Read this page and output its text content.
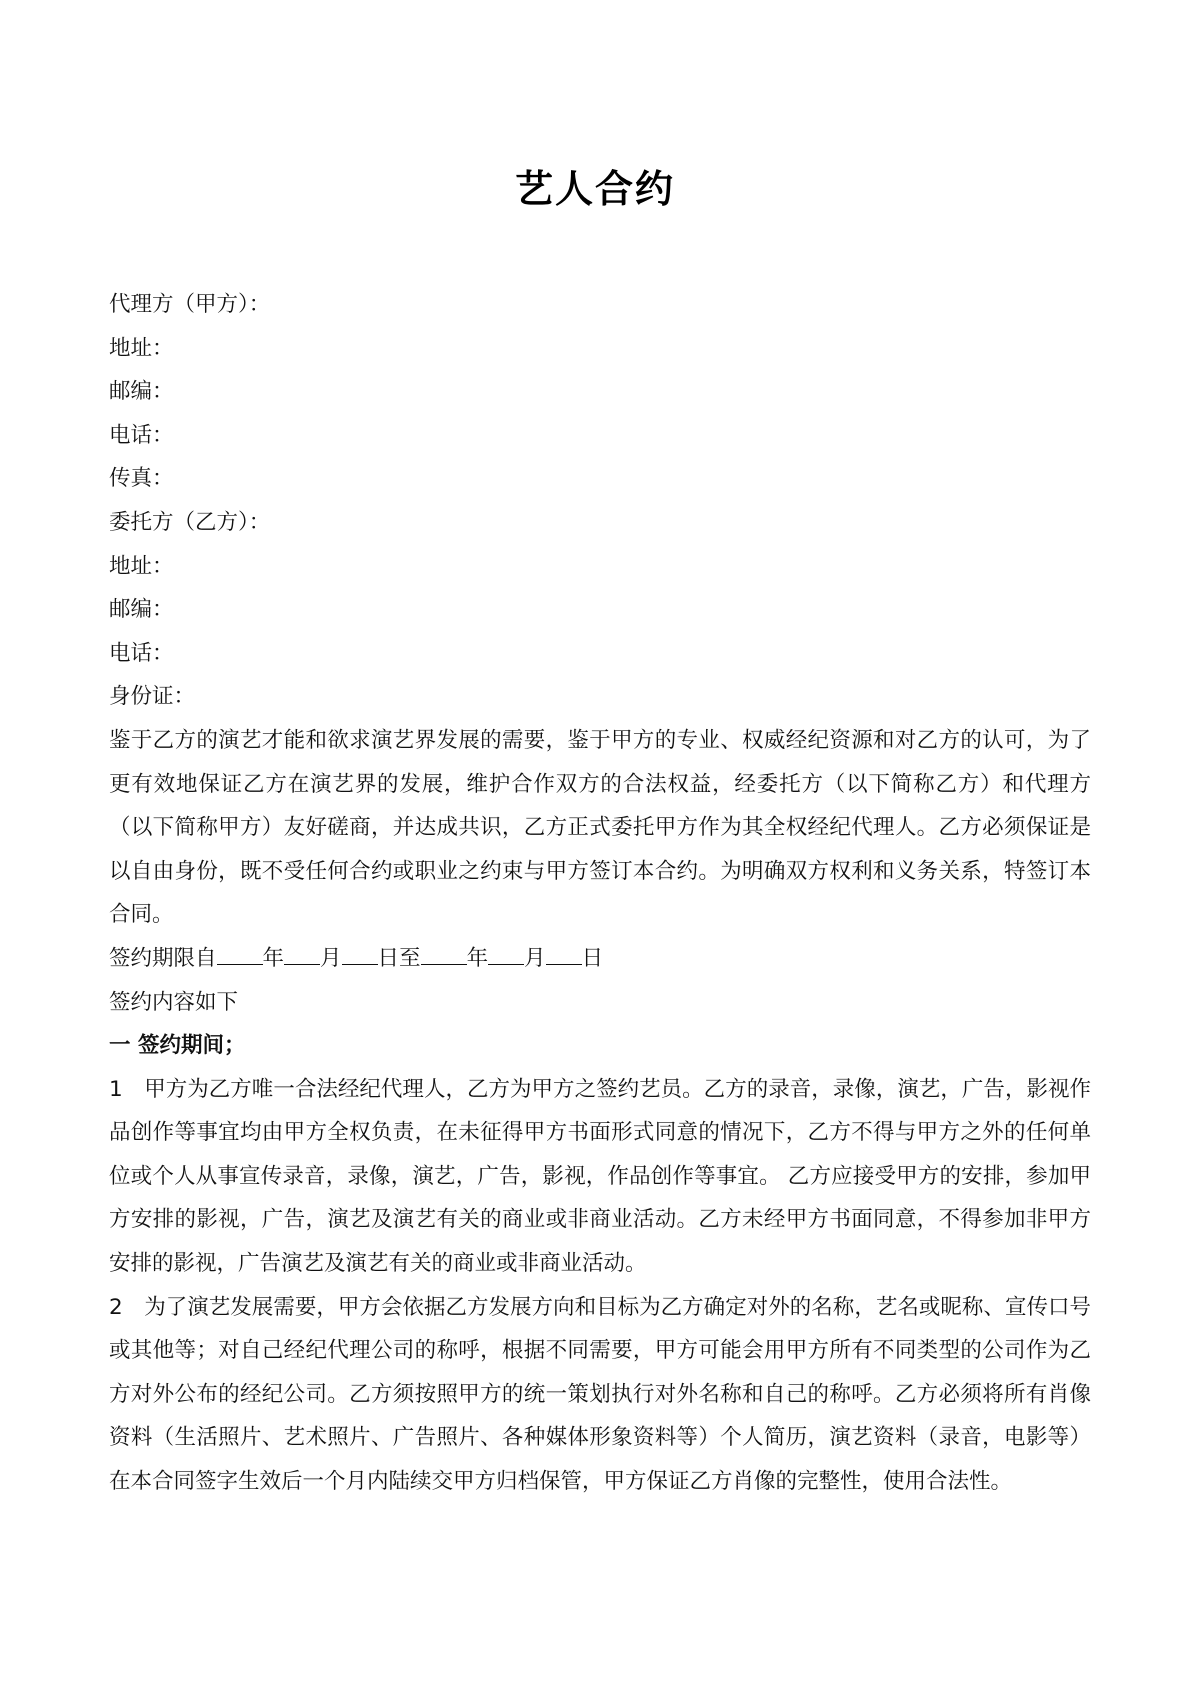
艺人合约
代理方（甲方）：
地址：
邮编：
电话：
传真：
委托方（乙方）：
地址：
邮编：
电话：
身份证：
鉴于乙方的演艺才能和欲求演艺界发展的需要，鉴于甲方的专业、权威经纪资源和对乙方的认可，为了更有效地保证乙方在演艺界的发展，维护合作双方的合法权益，经委托方（以下简称乙方）和代理方（以下简称甲方）友好磋商，并达成共识，乙方正式委托甲方作为其全权经纪代理人。乙方必须保证是以自由身份，既不受任何合约或职业之约束与甲方签订本合约。为明确双方权利和义务关系，特签订本合同。
签约期限自 年 月 日至 年 月 日
签约内容如下
一 签约期间；
1　甲方为乙方唯一合法经纪代理人，乙方为甲方之签约艺员。乙方的录音，录像，演艺，广告，影视作品创作等事宜均由甲方全权负责，在未征得甲方书面形式同意的情况下，乙方不得与甲方之外的任何单位或个人从事宣传录音，录像，演艺，广告，影视，作品创作等事宜。 乙方应接受甲方的安排，参加甲方安排的影视，广告，演艺及演艺有关的商业或非商业活动。乙方未经甲方书面同意，不得参加非甲方安排的影视，广告演艺及演艺有关的商业或非商业活动。
2　为了演艺发展需要，甲方会依据乙方发展方向和目标为乙方确定对外的名称，艺名或昵称、宣传口号或其他等；对自己经纪代理公司的称呼，根据不同需要，甲方可能会用甲方所有不同类型的公司作为乙方对外公布的经纪公司。乙方须按照甲方的统一策划执行对外名称和自己的称呼。乙方必须将所有肖像资料（生活照片、艺术照片、广告照片、各种媒体形象资料等）个人简历，演艺资料（录音，电影等）在本合同签字生效后一个月内陆续交甲方归档保管，甲方保证乙方肖像的完整性，使用合法性。
